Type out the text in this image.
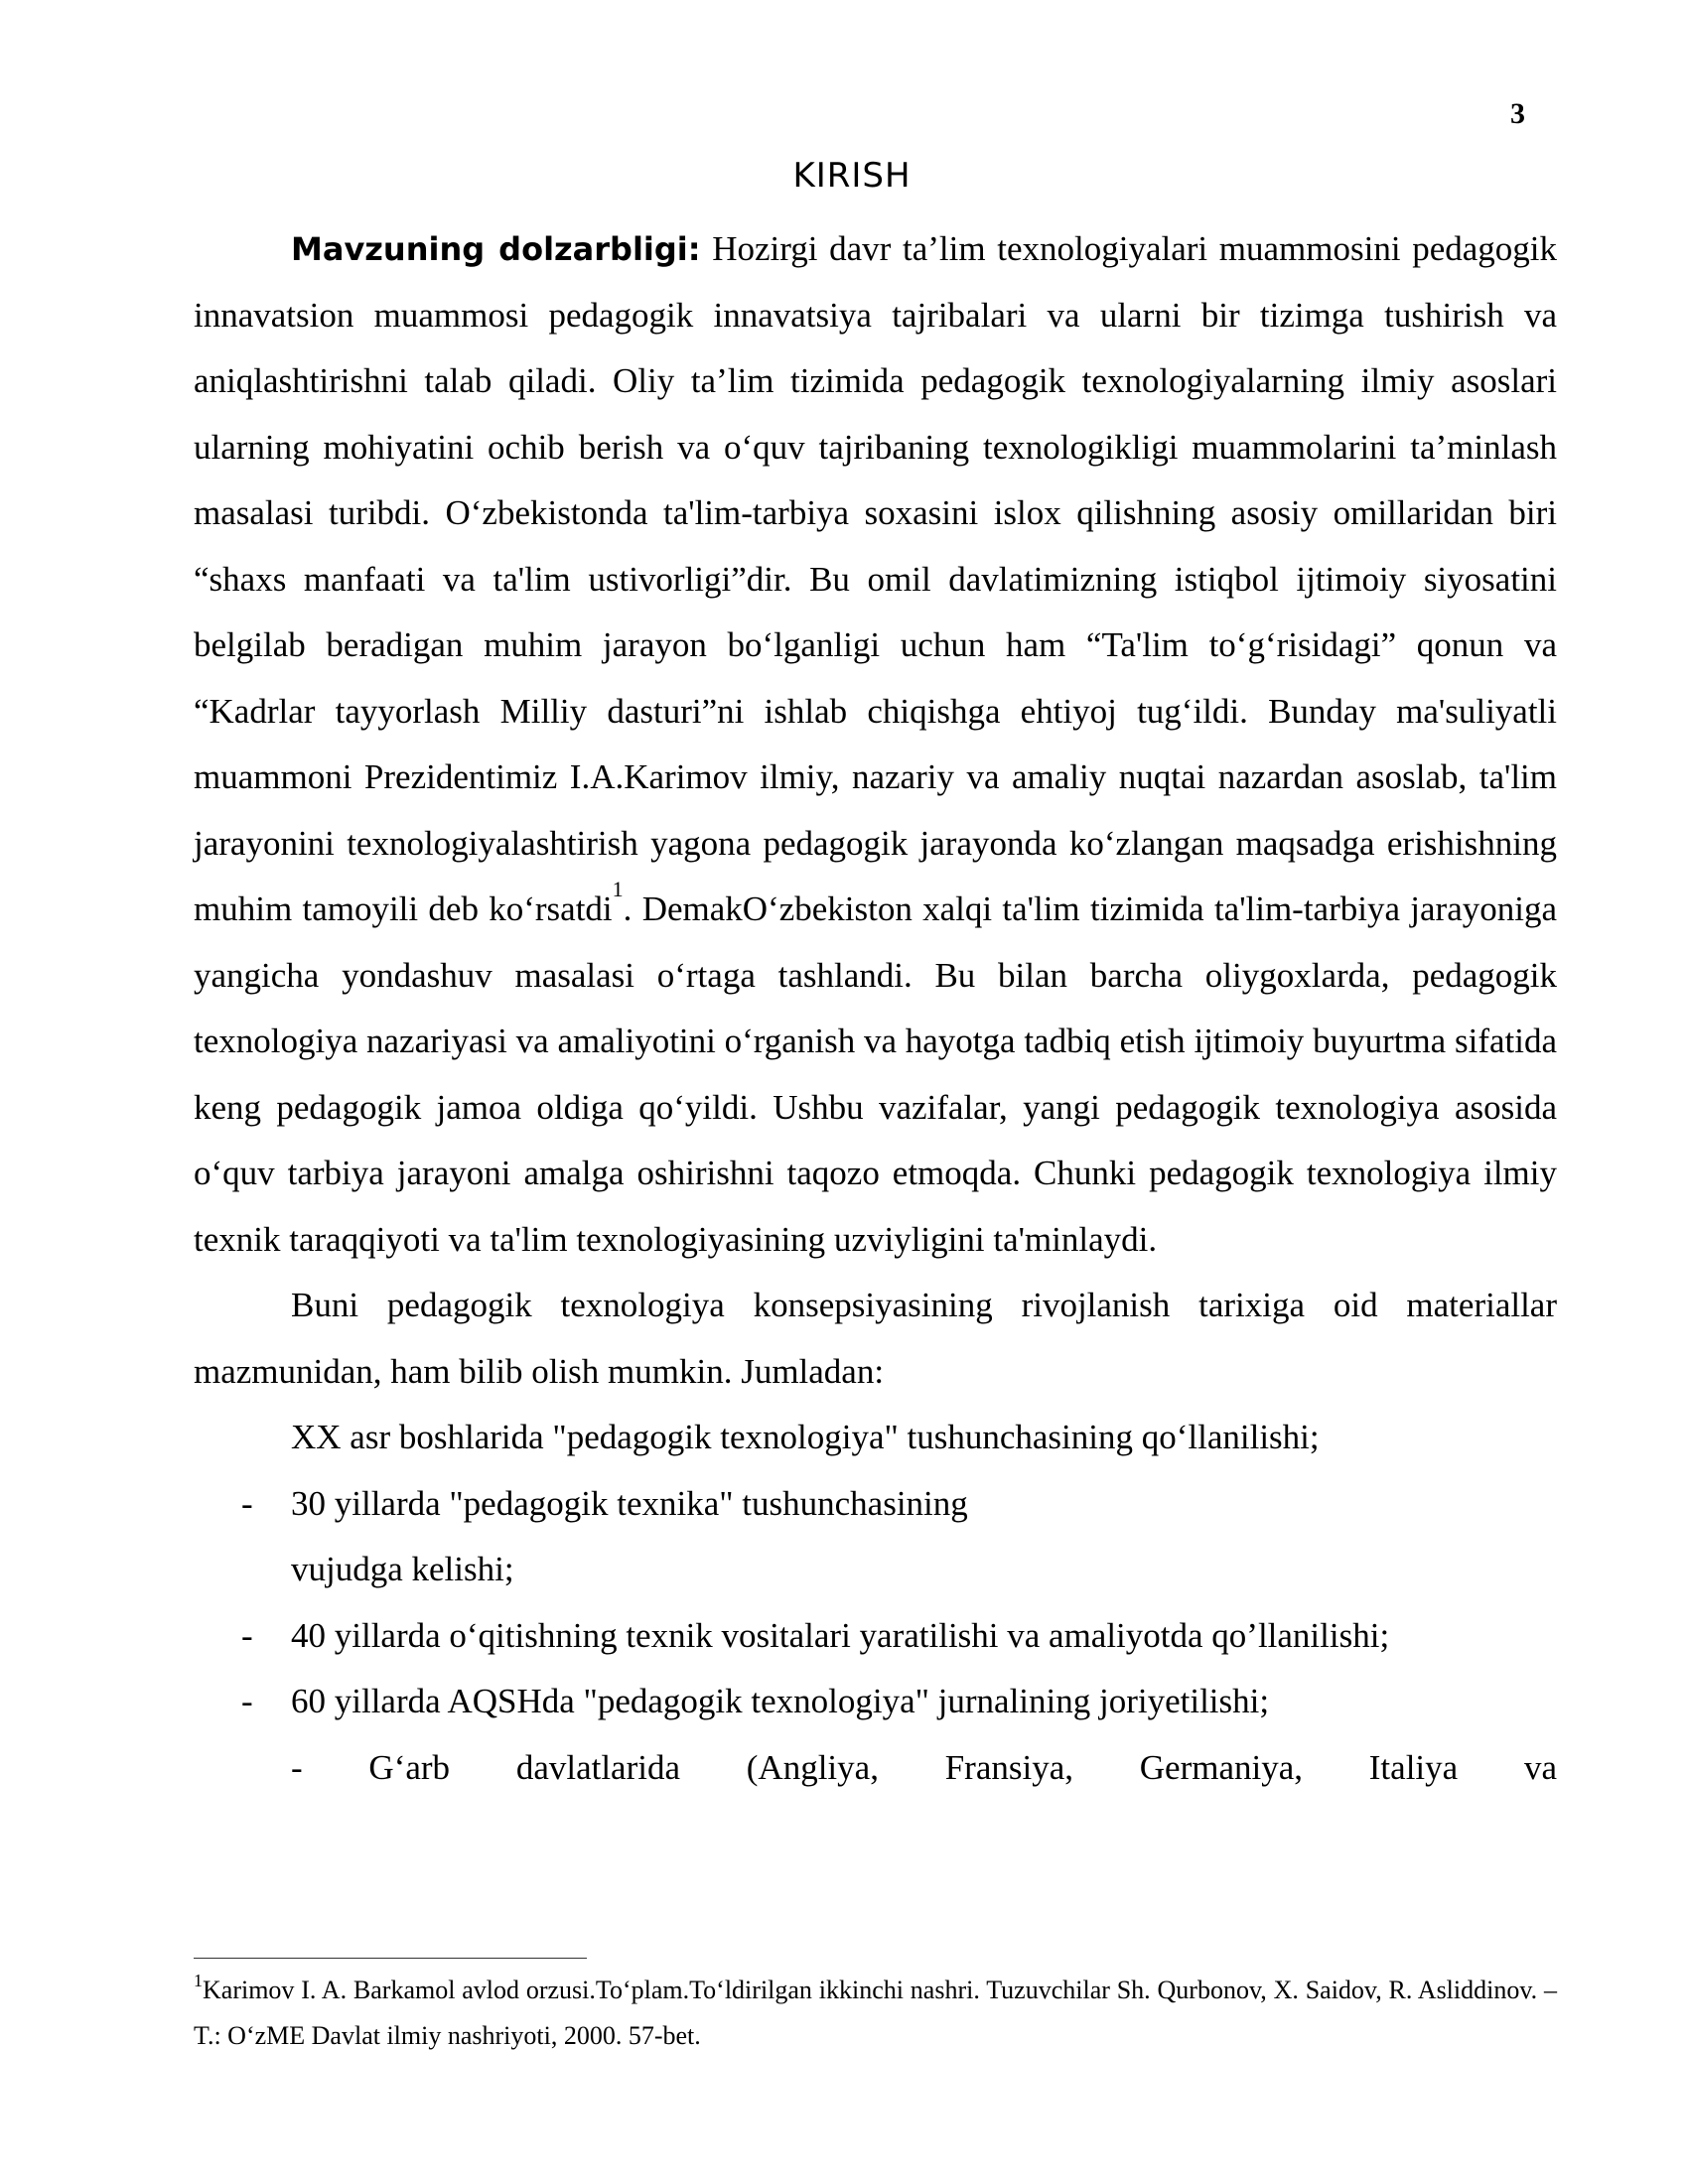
3
KIRISH

Mavzuning dolzarbligi: Hozirgi davr ta’lim texnologiyalari muammosini pedagogik innavatsion muammosi pedagogik innavatsiya tajribalari va ularni bir tizimga tushirish va aniqlashtirishni talab qiladi. Oliy ta’lim tizimida pedagogik texnologiyalarning ilmiy asoslari ularning mohiyatini ochib berish va o‘quv tajribaning texnologikligi muammolarini ta’minlash masalasi turibdi. O‘zbekistonda ta'lim-tarbiya soxasini islox qilishning asosiy omillaridan biri “shaxs manfaati va ta'lim ustivorligi”dir. Bu omil davlatimizning istiqbol ijtimoiy siyosatini belgilab beradigan muhim jarayon bo‘lganligi uchun ham “Ta'lim to‘g‘risidagi” qonun va “Kadrlar tayyorlash Milliy dasturi”ni ishlab chiqishga ehtiyoj tug‘ildi. Bunday ma'suliyatli muammoni Prezidentimiz I.A.Karimov ilmiy, nazariy va amaliy nuqtai nazardan asoslab, ta'lim jarayonini texnologiyalashtirish yagona pedagogik jarayonda ko‘zlangan maqsadga erishishning muhim tamoyili deb ko‘rsatdi$^1$. DemakO‘zbekiston xalqi ta'lim tizimida ta'lim-tarbiya jarayoniga yangicha yondashuv masalasi o‘rtaga tashlandi. Bu bilan barcha oliygoxlarda, pedagogik texnologiya nazariyasi va amaliyotini o‘rganish va hayotga tadbiq etish ijtimoiy buyurtma sifatida keng pedagogik jamoa oldiga qo‘yildi. Ushbu vazifalar, yangi pedagogik texnologiya asosida o‘quv tarbiya jarayoni amalga oshirishni taqozo etmoqda. Chunki pedagogik texnologiya ilmiy texnik taraqqiyoti va ta'lim texnologiyasining uzviyligini ta'minlaydi.

Buni pedagogik texnologiya konsepsiyasining rivojlanish tarixiga oid materiallar mazmunidan, ham bilib olish mumkin. Jumladan:

XX asr boshlarida "pedagogik texnologiya" tushunchasining qo‘llanilishi;
-	30 yillarda "pedagogik texnika" tushunchasining vujudga kelishi;
-	40 yillarda o‘qitishning texnik vositalari yaratilishi va amaliyotda qo’llanilishi;
-	60 yillarda AQSHda "pedagogik texnologiya" jurnalining joriyetilishi;
- G‘arb davlatlarida (Angliya, Fransiya, Germaniya, Italiya va
$^1$Karimov I. A. Barkamol avlod orzusi.To‘plam.To‘ldirilgan ikkinchi nashri. Tuzuvchilar Sh. Qurbonov, X. Saidov, R. Asliddinov. –T.: O‘zME Davlat ilmiy nashriyoti, 2000. 57-bet.
